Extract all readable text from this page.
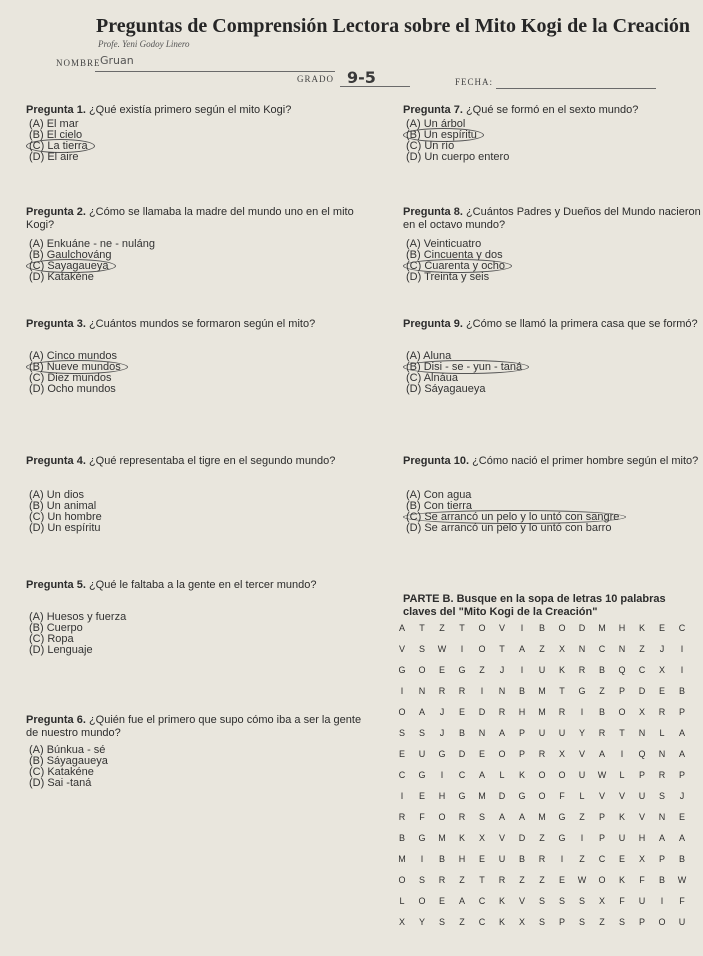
Preguntas de Comprensión Lectora sobre el Mito Kogi de la Creación
Profe. Yeni Godoy Linero
NOMBRE Gruan
GRADO 9-5	FECHA:
Pregunta 1. ¿Qué existía primero según el mito Kogi?
(A) El mar
(B) El cielo
(C) La tierra
(D) El aire
Pregunta 2. ¿Cómo se llamaba la madre del mundo uno en el mito Kogi?
(A) Enkuáne - ne - nuláng
(B) Gaulchováng
(C) Sayagaueya
(D) Katakéne
Pregunta 3. ¿Cuántos mundos se formaron según el mito?
(A) Cinco mundos
(B) Nueve mundos
(C) Diez mundos
(D) Ocho mundos
Pregunta 4. ¿Qué representaba el tigre en el segundo mundo?
(A) Un dios
(B) Un animal
(C) Un hombre
(D) Un espíritu
Pregunta 5. ¿Qué le faltaba a la gente en el tercer mundo?
(A) Huesos y fuerza
(B) Cuerpo
(C) Ropa
(D) Lenguaje
Pregunta 6. ¿Quién fue el primero que supo cómo iba a ser la gente de nuestro mundo?
(A) Búnkua - sé
(B) Sáyagaueya
(C) Katakéne
(D) Sai -taná
Pregunta 7. ¿Qué se formó en el sexto mundo?
(A) Un árbol
(B) Un espíritu
(C) Un río
(D) Un cuerpo entero
Pregunta 8. ¿Cuántos Padres y Dueños del Mundo nacieron en el octavo mundo?
(A) Veinticuatro
(B) Cincuenta y dos
(C) Cuarenta y ocho
(D) Treinta y seis
Pregunta 9. ¿Cómo se llamó la primera casa que se formó?
(A) Aluna
(B) Disi - se - yun - taná
(C) Alnáua
(D) Sáyagaueya
Pregunta 10. ¿Cómo nació el primer hombre según el mito?
(A) Con agua
(B) Con tierra
(C) Se arrancó un pelo y lo untó con sangre
(D) Se arrancó un pelo y lo untó con barro
PARTE B. Busque en la sopa de letras 10 palabras
claves del "Mito Kogi de la Creación"
A	T	Z	T	O	V	I	B	O	D	M	H	K	E	C
V	S	W	I	O	T	A	Z	X	N	C	N	Z	J	I
G	O	E	G	Z	J	I	U	K	R	B	Q	C	X	I
I	N	R	R	I	N	B	M	T	G	Z	P	D	E	B
O	A	J	E	D	R	H	M	R	I	B	O	X	R	P
S	S	J	B	N	A	P	U	U	Y	R	T	N	L	A
E	U	G	D	E	O	P	R	X	V	A	I	Q	N	A
C	G	I	C	A	L	K	O	O	U	W	L	P	R	P
I	E	H	G	M	D	G	O	F	L	V	V	U	S	J
R	F	O	R	S	A	A	M	G	Z	P	K	V	N	E
B	G	M	K	X	V	D	Z	G	I	P	U	H	A	A
M	I	B	H	E	U	B	R	I	Z	C	E	X	P	B
O	S	R	Z	T	R	Z	Z	E	W	O	K	F	B	W
L	O	E	A	C	K	V	S	S	S	X	F	U	I	F
X	Y	S	Z	C	K	X	S	P	S	Z	S	P	O	U
